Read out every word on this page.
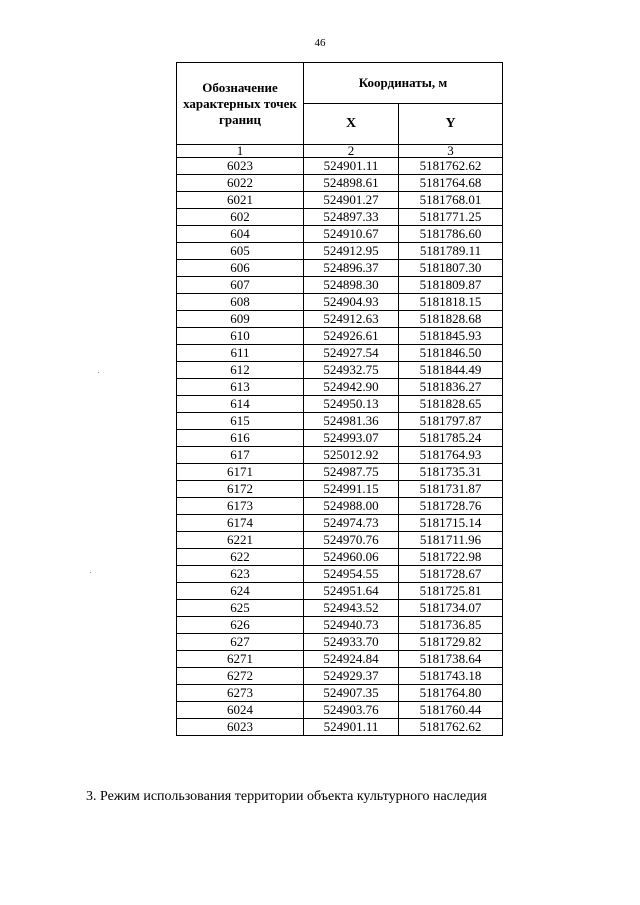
46
Обозначение характерных точек границ	Координаты, м	
	X	Y
1	2	3
6023	524901.11	5181762.62
6022	524898.61	5181764.68
6021	524901.27	5181768.01
602	524897.33	5181771.25
604	524910.67	5181786.60
605	524912.95	5181789.11
606	524896.37	5181807.30
607	524898.30	5181809.87
608	524904.93	5181818.15
609	524912.63	5181828.68
610	524926.61	5181845.93
611	524927.54	5181846.50
612	524932.75	5181844.49
613	524942.90	5181836.27
614	524950.13	5181828.65
615	524981.36	5181797.87
616	524993.07	5181785.24
617	525012.92	5181764.93
6171	524987.75	5181735.31
6172	524991.15	5181731.87
6173	524988.00	5181728.76
6174	524974.73	5181715.14
6221	524970.76	5181711.96
622	524960.06	5181722.98
623	524954.55	5181728.67
624	524951.64	5181725.81
625	524943.52	5181734.07
626	524940.73	5181736.85
627	524933.70	5181729.82
6271	524924.84	5181738.64
6272	524929.37	5181743.18
6273	524907.35	5181764.80
6024	524903.76	5181760.44
6023	524901.11	5181762.62
3. Режим использования территории объекта культурного наследия
